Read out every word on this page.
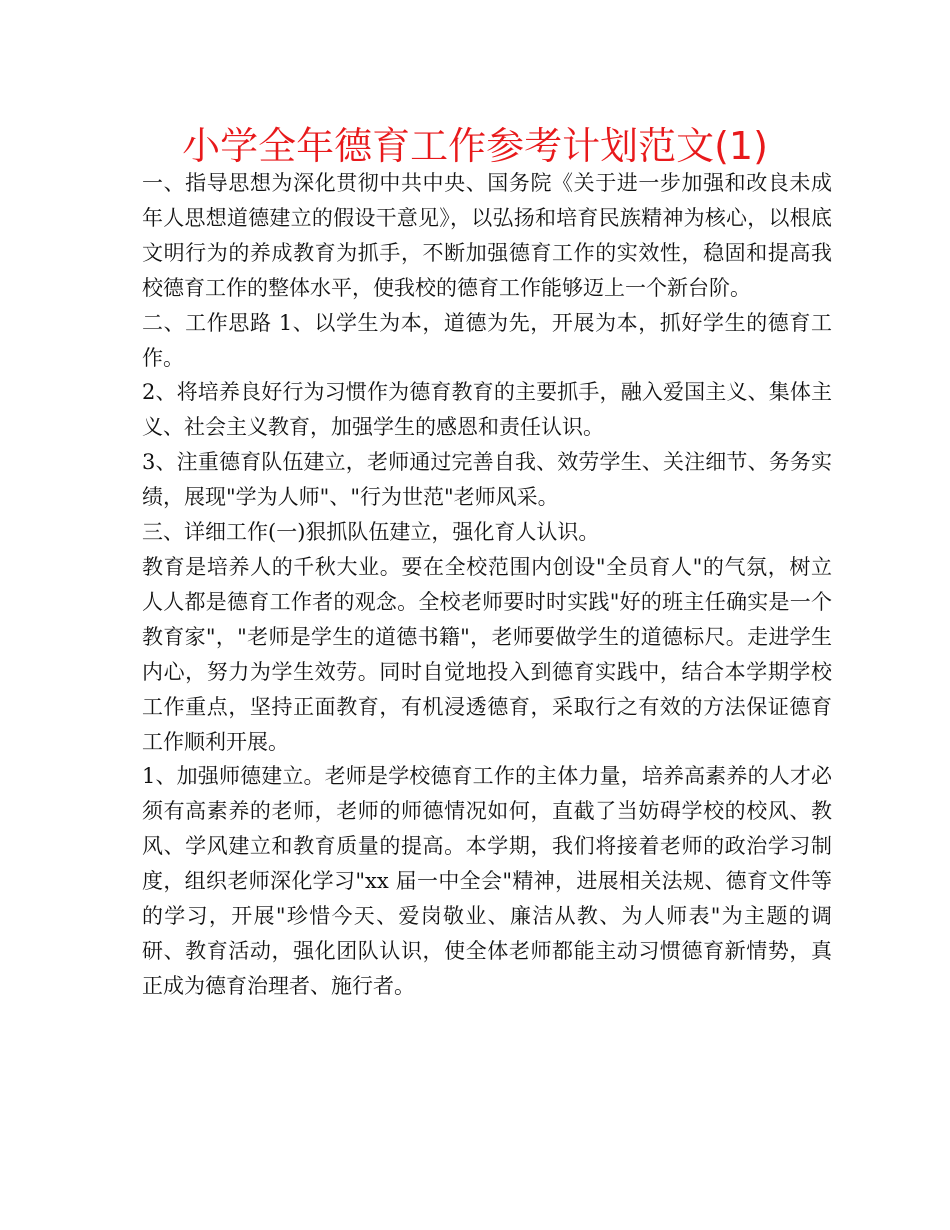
小学全年德育工作参考计划范文(1)

一、指导思想为深化贯彻中共中央、国务院《关于进一步加强和改良未成年人思想道德建立的假设干意见》，以弘扬和培育民族精神为核心，以根底文明行为的养成教育为抓手，不断加强德育工作的实效性，稳固和提高我校德育工作的整体水平，使我校的德育工作能够迈上一个新台阶。

二、工作思路 1、以学生为本，道德为先，开展为本，抓好学生的德育工作。

2、将培养良好行为习惯作为德育教育的主要抓手，融入爱国主义、集体主义、社会主义教育，加强学生的感恩和责任认识。

3、注重德育队伍建立，老师通过完善自我、效劳学生、关注细节、务务实绩，展现"学为人师"、"行为世范"老师风采。

三、详细工作(一)狠抓队伍建立，强化育人认识。

教育是培养人的千秋大业。要在全校范围内创设"全员育人"的气氛，树立人人都是德育工作者的观念。全校老师要时时实践"好的班主任确实是一个教育家"，"老师是学生的道德书籍"，老师要做学生的道德标尺。走进学生内心，努力为学生效劳。同时自觉地投入到德育实践中，结合本学期学校工作重点，坚持正面教育，有机浸透德育，采取行之有效的方法保证德育工作顺利开展。

1、加强师德建立。老师是学校德育工作的主体力量，培养高素养的人才必须有高素养的老师，老师的师德情况如何，直截了当妨碍学校的校风、教风、学风建立和教育质量的提高。本学期，我们将接着老师的政治学习制度，组织老师深化学习"xx 届一中全会"精神，进展相关法规、德育文件等的学习，开展"珍惜今天、爱岗敬业、廉洁从教、为人师表"为主题的调研、教育活动，强化团队认识，使全体老师都能主动习惯德育新情势，真正成为德育治理者、施行者。
